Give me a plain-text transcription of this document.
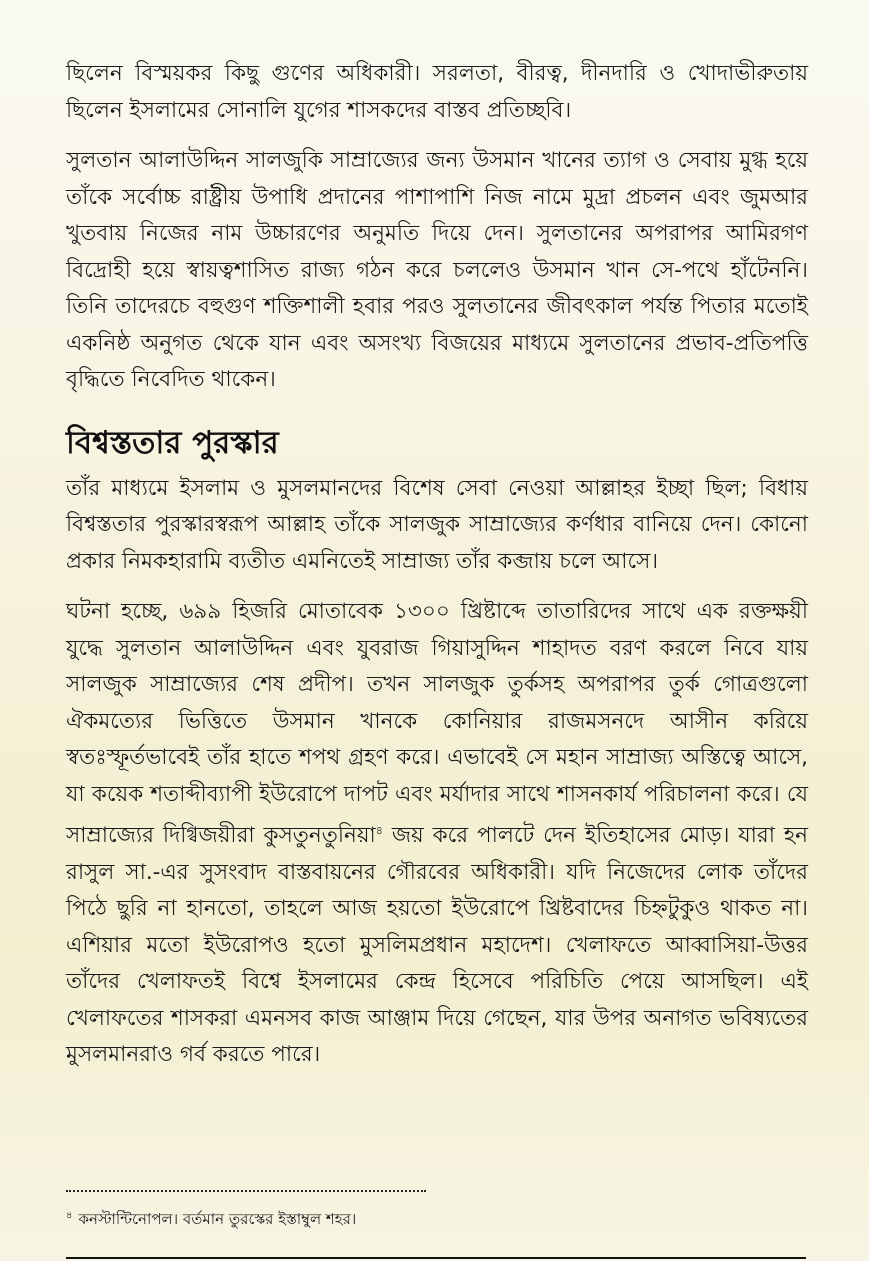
ছিলেন বিস্ময়কর কিছু গুণের অধিকারী। সরলতা, বীরত্ব, দীনদারি ও খোদাভীরুতায় ছিলেন ইসলামের সোনালি যুগের শাসকদের বাস্তব প্রতিচ্ছবি।

সুলতান আলাউদ্দিন সালজুকি সাম্রাজ্যের জন্য উসমান খানের ত্যাগ ও সেবায় মুগ্ধ হয়ে তাঁকে সর্বোচ্চ রাষ্ট্রীয় উপাধি প্রদানের পাশাপাশি নিজ নামে মুদ্রা প্রচলন এবং জুমআর খুতবায় নিজের নাম উচ্চারণের অনুমতি দিয়ে দেন। সুলতানের অপরাপর আমিরগণ বিদ্রোহী হয়ে স্বায়ত্বশাসিত রাজ্য গঠন করে চললেও উসমান খান সে-পথে হাঁটেননি। তিনি তাদেরচে বহুগুণ শক্তিশালী হবার পরও সুলতানের জীবৎকাল পর্যন্ত পিতার মতোই একনিষ্ঠ অনুগত থেকে যান এবং অসংখ্য বিজয়ের মাধ্যমে সুলতানের প্রভাব-প্রতিপত্তি বৃদ্ধিতে নিবেদিত থাকেন।

বিশ্বস্ততার পুরস্কার

তাঁর মাধ্যমে ইসলাম ও মুসলমানদের বিশেষ সেবা নেওয়া আল্লাহর ইচ্ছা ছিল; বিধায় বিশ্বস্ততার পুরস্কারস্বরূপ আল্লাহ তাঁকে সালজুক সাম্রাজ্যের কর্ণধার বানিয়ে দেন। কোনো প্রকার নিমকহারামি ব্যতীত এমনিতেই সাম্রাজ্য তাঁর কব্জায় চলে আসে।

ঘটনা হচ্ছে, ৬৯৯ হিজরি মোতাবেক ১৩০০ খ্রিষ্টাব্দে তাতারিদের সাথে এক রক্তক্ষয়ী যুদ্ধে সুলতান আলাউদ্দিন এবং যুবরাজ গিয়াসুদ্দিন শাহাদত বরণ করলে নিবে যায় সালজুক সাম্রাজ্যের শেষ প্রদীপ। তখন সালজুক তুর্কসহ অপরাপর তুর্ক গোত্রগুলো ঐকমত্যের ভিত্তিতে উসমান খানকে কোনিয়ার রাজমসনদে আসীন করিয়ে স্বতঃস্ফূর্তভাবেই তাঁর হাতে শপথ গ্রহণ করে। এভাবেই সে মহান সাম্রাজ্য অস্তিত্বে আসে, যা কয়েক শতাব্দীব্যাপী ইউরোপে দাপট এবং মর্যাদার সাথে শাসনকার্য পরিচালনা করে। যে সাম্রাজ্যের দিগ্বিজয়ীরা কুসতুনতুনিয়া$^৪$ জয় করে পালটে দেন ইতিহাসের মোড়। যারা হন রাসুল সা.-এর সুসংবাদ বাস্তবায়নের গৌরবের অধিকারী। যদি নিজেদের লোক তাঁদের পিঠে ছুরি না হানতো, তাহলে আজ হয়তো ইউরোপে খ্রিষ্টবাদের চিহ্নটুকুও থাকত না। এশিয়ার মতো ইউরোপও হতো মুসলিমপ্রধান মহাদেশ। খেলাফতে আব্বাসিয়া-উত্তর তাঁদের খেলাফতই বিশ্বে ইসলামের কেন্দ্র হিসেবে পরিচিতি পেয়ে আসছিল। এই খেলাফতের শাসকরা এমনসব কাজ আঞ্জাম দিয়ে গেছেন, যার উপর অনাগত ভবিষ্যতের মুসলমানরাও গর্ব করতে পারে।

$^৪$ কনস্টান্টিনোপল। বর্তমান তুরস্কের ইস্তাম্বুল শহর।
